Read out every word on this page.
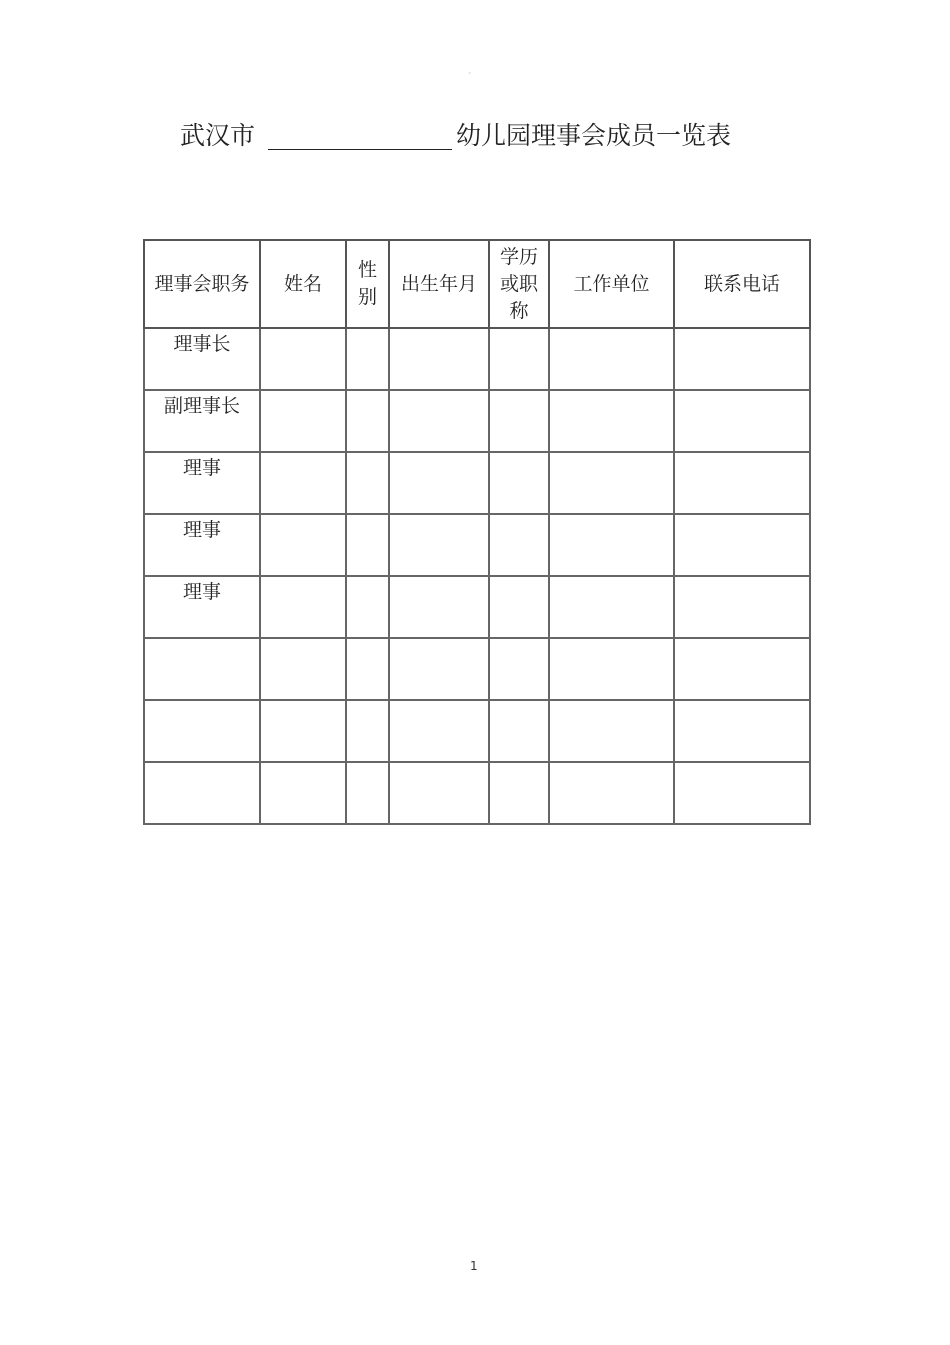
◦
武汉市	幼儿园理事会成员一览表
理事会职务	姓名	性别	出生年月	学历或职称	工作单位	联系电话
理事长						
副理事长						
理事						
理事						
理事						

1
